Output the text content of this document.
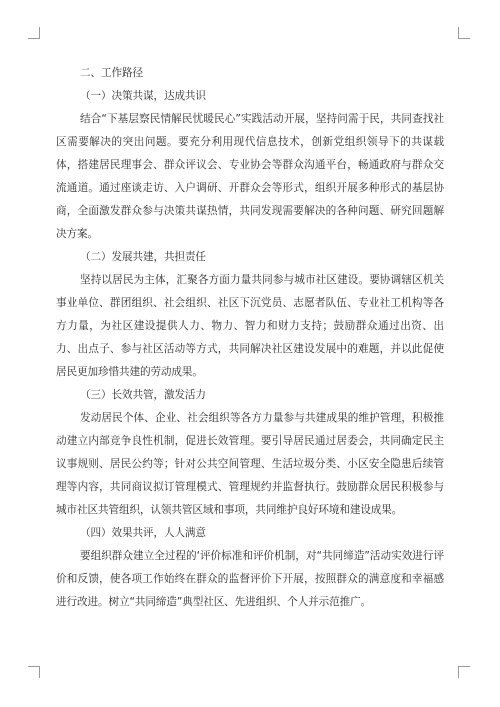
二、工作路径

（一）决策共谋，达成共识

结合“下基层察民情解民忧暖民心”实践活动开展，坚持问需于民，共同查找社区需要解决的突出问题。要充分利用现代信息技术，创新党组织领导下的共谋载体，搭建居民理事会、群众评议会、专业协会等群众沟通平台，畅通政府与群众交流通道。通过座谈走访、入户调研、开群众会等形式，组织开展多种形式的基层协商，全面激发群众参与决策共谋热情，共同发现需要解决的各种问题、研究回题解决方案。

（二）发展共建，共担责任

坚持以居民为主体，汇聚各方面力量共同参与城市社区建设。要协调辖区机关事业单位、群团组织、社会组织、社区下沉党员、志愿者队伍、专业社工机构等各方力量，为社区建设提供人力、物力、智力和财力支持；鼓励群众通过出资、出力、出点子、参与社区活动等方式，共同解决社区建设发展中的难题，并以此促使居民更加珍惜共建的劳动成果。

（三）长效共管，激发活力

发动居民个体、企业、社会组织等各方力量参与共建成果的维护管理，积极推动建立内部竞争良性机制，促进长效管理。要引导居民通过居委会，共同确定民主议事规则、居民公约等；针对公共空间管理、生活垃圾分类、小区安全隐患后续管理等内容，共同商议拟订管理模式、管理规约并监督执行。鼓励群众居民积极参与城市社区共管组织，认领共管区域和事项，共同维护良好环境和建设成果。

（四）效果共评，人人满意

要组织群众建立全过程的‘评价标准和评价机制，对“共同缔造”活动实效进行评价和反馈，使各项工作始终在群众的监督评价下开展，按照群众的满意度和幸福感进行改进。树立“共同缔造”典型社区、先进组织、个人并示范推广。
